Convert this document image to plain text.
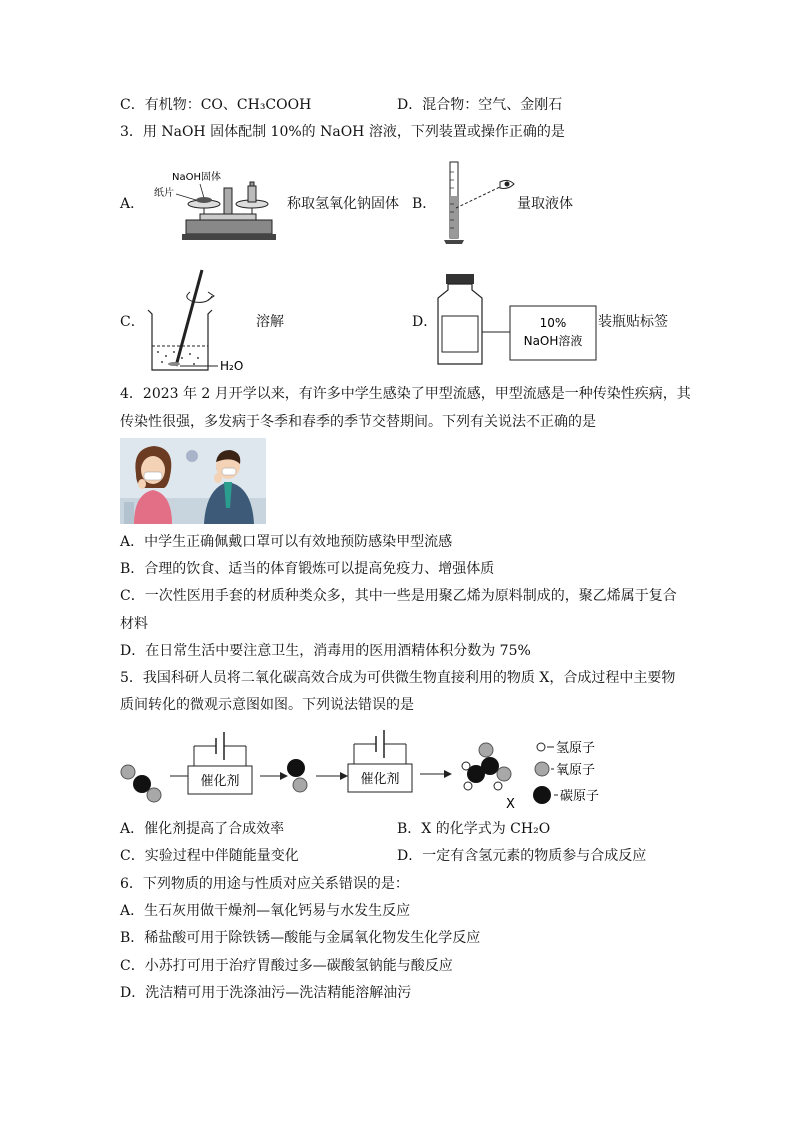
C．有机物：CO、CH₃COOH	D．混合物：空气、金刚石
3．用 NaOH 固体配制 10%的 NaOH 溶液，下列装置或操作正确的是
A．
NaOH固体
纸片
称取氢氧化钠固体 B．	量取液体
C．
H₂O
溶解	D．	10%
NaOH溶液
装瓶贴标签
4．2023 年 2 月开学以来，有许多中学生感染了甲型流感，甲型流感是一种传染性疾病，其
传染性很强，多发病于冬季和春季的季节交替期间。下列有关说法不正确的是
A．中学生正确佩戴口罩可以有效地预防感染甲型流感
B．合理的饮食、适当的体育锻炼可以提高免疫力、增强体质
C．一次性医用手套的材质种类众多，其中一些是用聚乙烯为原料制成的，聚乙烯属于复合
材料
D．在日常生活中要注意卫生，消毒用的医用酒精体积分数为 75%
5．我国科研人员将二氧化碳高效合成为可供微生物直接利用的物质 X，合成过程中主要物
质间转化的微观示意图如图。下列说法错误的是
催化剂	催化剂
X
氢原子
氧原子
碳原子
A．催化剂提高了合成效率	B．X 的化学式为 CH₂O
C．实验过程中伴随能量变化	D．一定有含氢元素的物质参与合成反应
6．下列物质的用途与性质对应关系错误的是：
A．生石灰用做干燥剂—氧化钙易与水发生反应
B．稀盐酸可用于除铁锈—酸能与金属氧化物发生化学反应
C．小苏打可用于治疗胃酸过多—碳酸氢钠能与酸反应
D．洗洁精可用于洗涤油污—洗洁精能溶解油污
